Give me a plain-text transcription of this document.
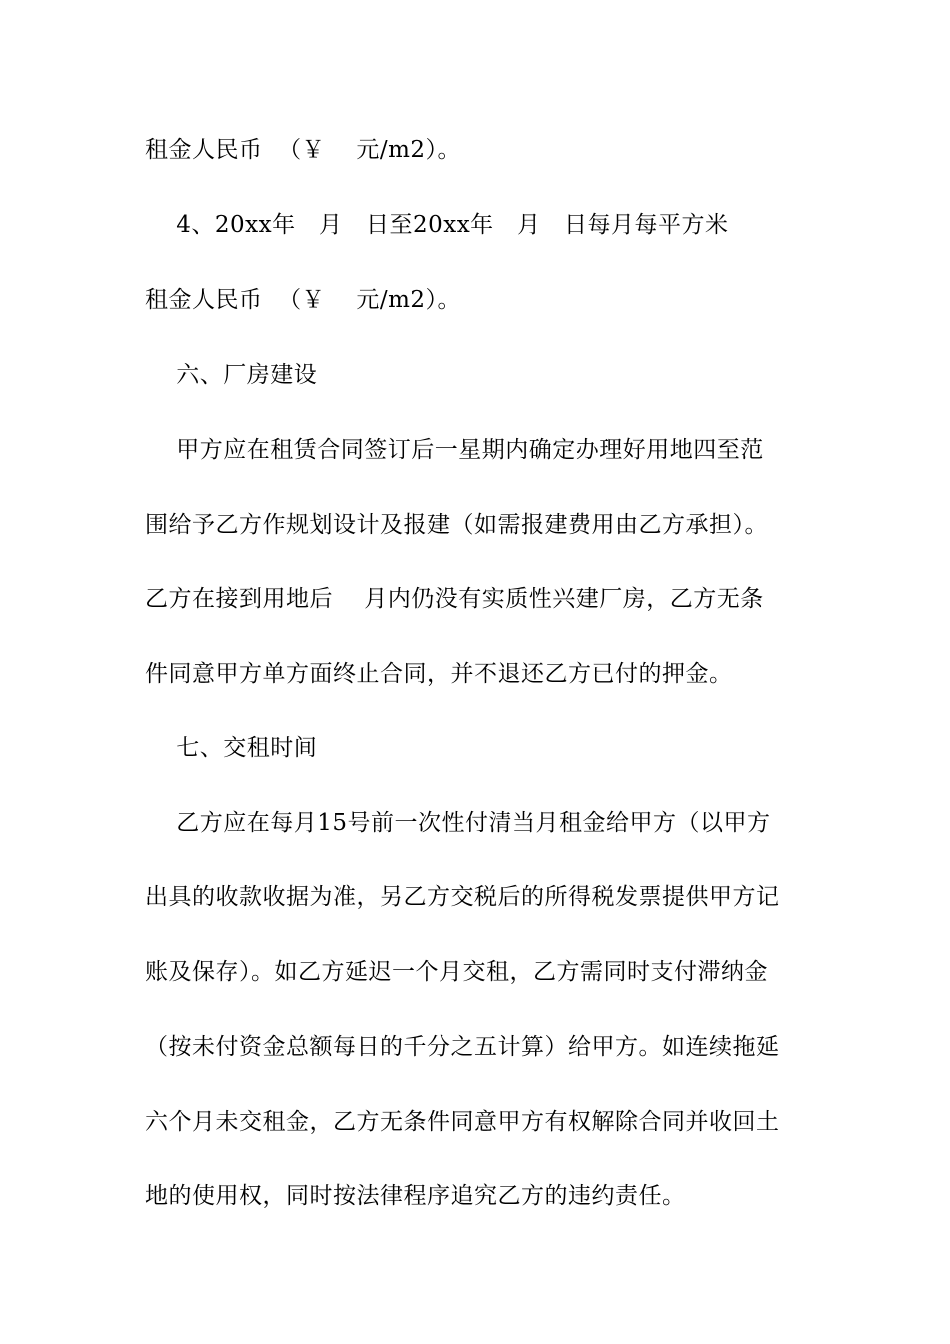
租金人民币  （￥    元/m2）。
4、20xx年   月   日至20xx年   月   日每月每平方米
租金人民币  （￥    元/m2）。
六、厂房建设
甲方应在租赁合同签订后一星期内确定办理好用地四至范
围给予乙方作规划设计及报建（如需报建费用由乙方承担）。
乙方在接到用地后    月内仍没有实质性兴建厂房，乙方无条
件同意甲方单方面终止合同，并不退还乙方已付的押金。
七、交租时间
乙方应在每月15号前一次性付清当月租金给甲方（以甲方
出具的收款收据为准，另乙方交税后的所得税发票提供甲方记
账及保存）。如乙方延迟一个月交租，乙方需同时支付滞纳金
（按未付资金总额每日的千分之五计算）给甲方。如连续拖延
六个月未交租金，乙方无条件同意甲方有权解除合同并收回土
地的使用权，同时按法律程序追究乙方的违约责任。
